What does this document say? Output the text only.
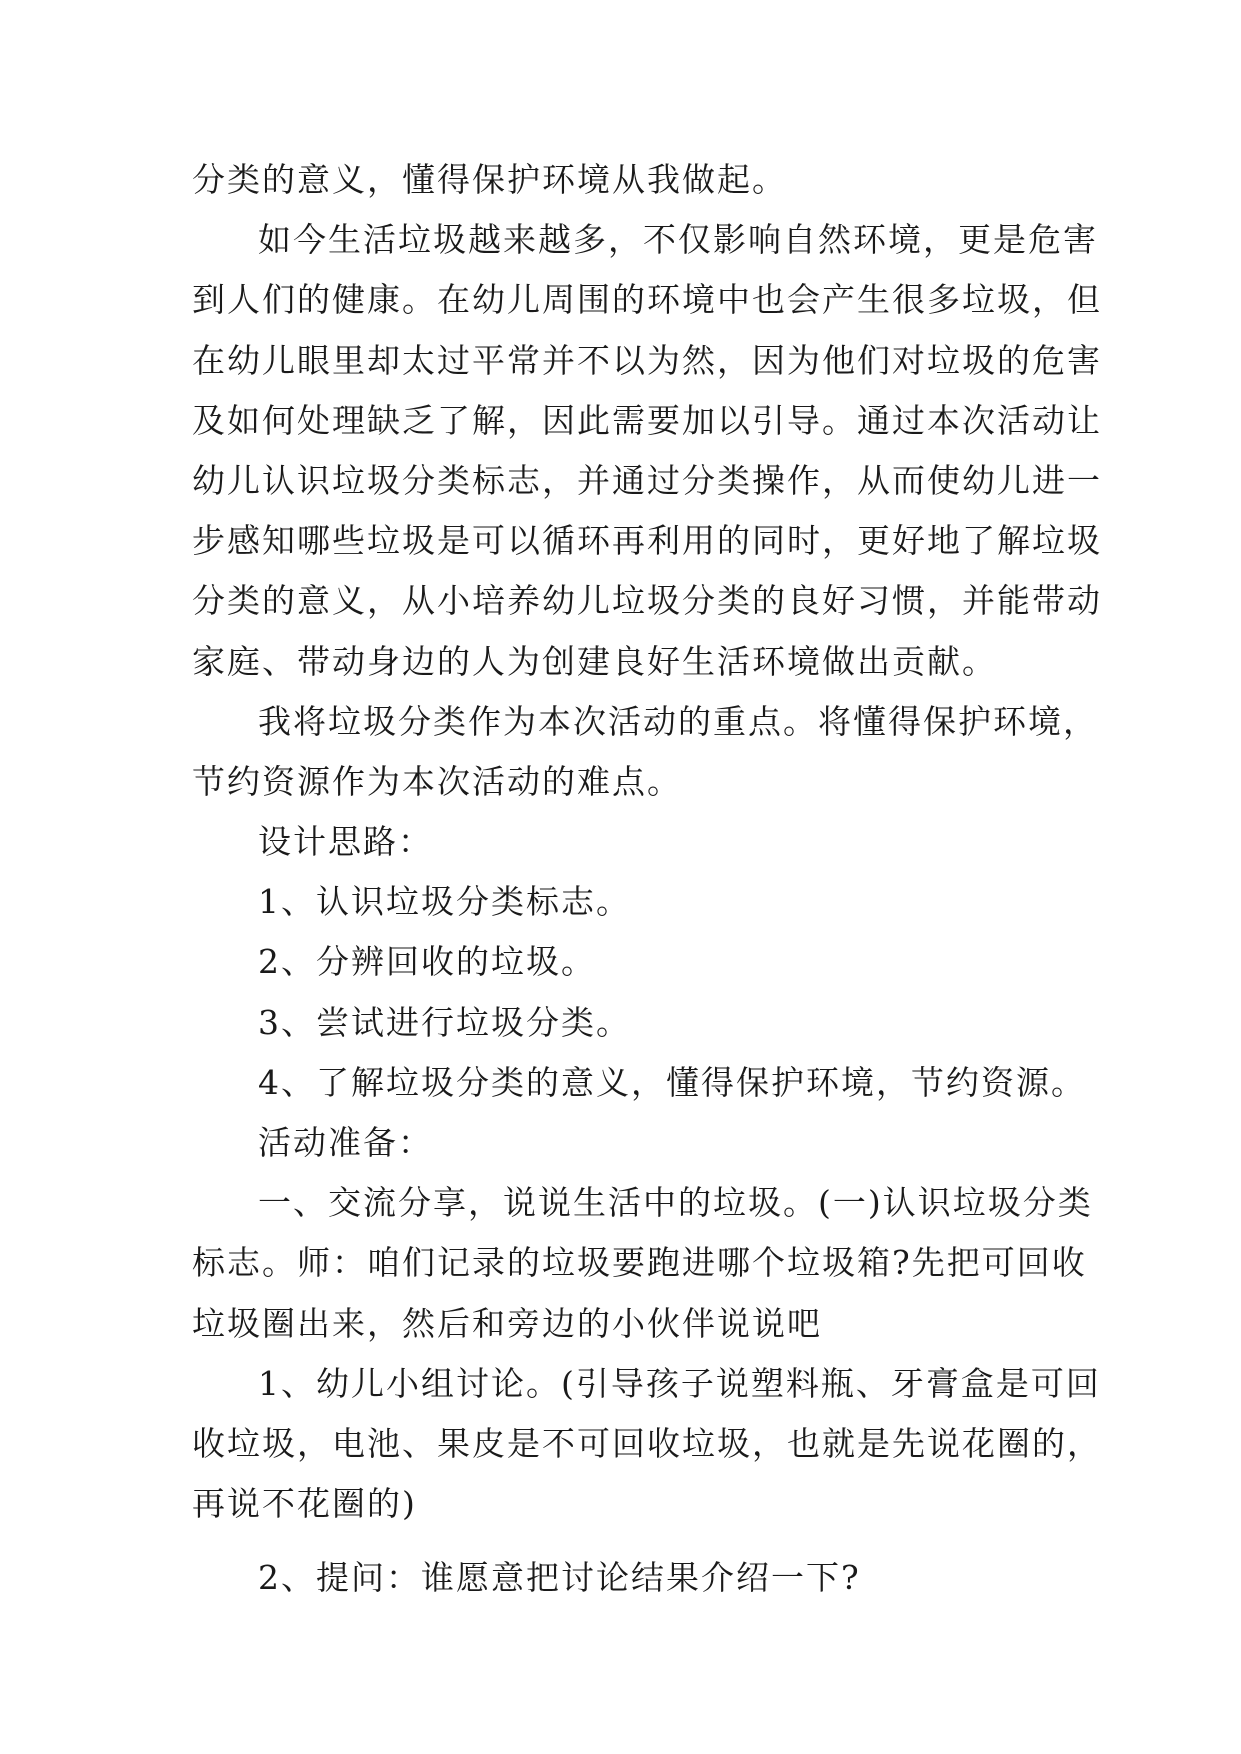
分类的意义，懂得保护环境从我做起。
如今生活垃圾越来越多，不仅影响自然环境，更是危害
到人们的健康。在幼儿周围的环境中也会产生很多垃圾，但
在幼儿眼里却太过平常并不以为然，因为他们对垃圾的危害
及如何处理缺乏了解，因此需要加以引导。通过本次活动让
幼儿认识垃圾分类标志，并通过分类操作，从而使幼儿进一
步感知哪些垃圾是可以循环再利用的同时，更好地了解垃圾
分类的意义，从小培养幼儿垃圾分类的良好习惯，并能带动
家庭、带动身边的人为创建良好生活环境做出贡献。
我将垃圾分类作为本次活动的重点。将懂得保护环境，
节约资源作为本次活动的难点。
设计思路：
1、认识垃圾分类标志。
2、分辨回收的垃圾。
3、尝试进行垃圾分类。
4、了解垃圾分类的意义，懂得保护环境，节约资源。
活动准备：
一、交流分享，说说生活中的垃圾。(一)认识垃圾分类
标志。师：咱们记录的垃圾要跑进哪个垃圾箱?先把可回收
垃圾圈出来，然后和旁边的小伙伴说说吧
1、幼儿小组讨论。(引导孩子说塑料瓶、牙膏盒是可回
收垃圾，电池、果皮是不可回收垃圾，也就是先说花圈的，
再说不花圈的)
2、提问：谁愿意把讨论结果介绍一下?
